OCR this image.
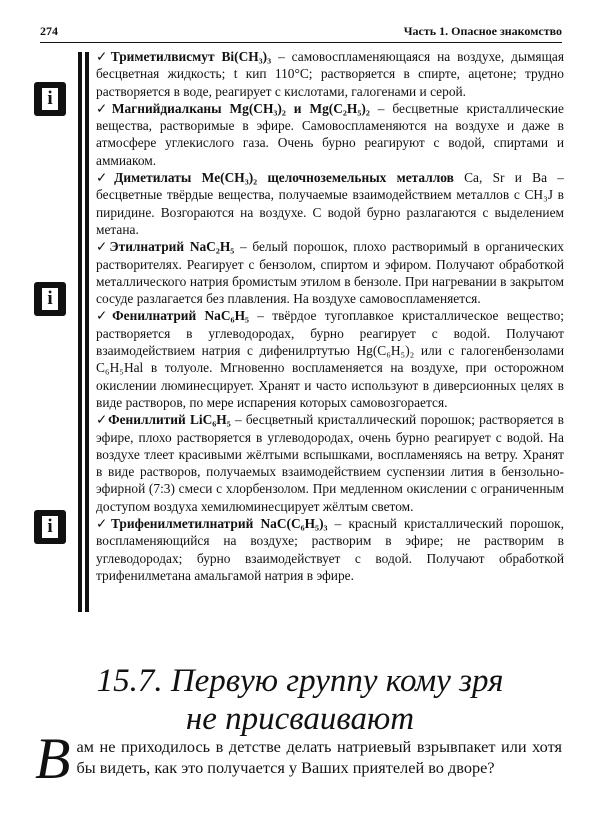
274	Часть 1. Опасное знакомство
i
i
i

✓Триметилвисмут Bi(CH₃)₃ – самовоспламеняющаяся на воздухе, дымящая бесцветная жидкость; t кип 110°C; растворяется в спирте, ацетоне; трудно растворяется в воде, реагирует с кислотами, галогенами и серой.

✓Магнийдиалканы Mg(CH₃)₂ и Mg(C₂H₅)₂ – бесцветные кристаллические вещества, растворимые в эфире. Самовоспламеняются на воздухе и даже в атмосфере углекислого газа. Очень бурно реагируют с водой, спиртами и аммиаком.

✓Диметилаты Me(CH₃)₂ щелочноземельных металлов Ca, Sr и Ba – бесцветные твёрдые вещества, получаемые взаимодействием металлов с CH₃J в пиридине. Возгораются на воздухе. С водой бурно разлагаются с выделением метана.

✓Этилнатрий NaC₂H₅ – белый порошок, плохо растворимый в органических растворителях. Реагирует с бензолом, спиртом и эфиром. Получают обработкой металлического натрия бромистым этилом в бензоле. При нагревании в закрытом сосуде разлагается без плавления. На воздухе самовоспламеняется.

✓Фенилнатрий NaC₆H₅ – твёрдое тугоплавкое кристаллическое вещество; растворяется в углеводородах, бурно реагирует с водой. Получают взаимодействием натрия с дифенилртутью Hg(C₆H₅)₂ или с галогенбензолами C₆H₅Hal в толуоле. Мгновенно воспламеняется на воздухе, при осторожном окислении люминесцирует. Хранят и часто используют в диверсионных целях в виде растворов, по мере испарения которых самовозгорается.

✓Фениллитий LiC₆H₅ – бесцветный кристаллический порошок; растворяется в эфире, плохо растворяется в углеводородах, очень бурно реагирует с водой. На воздухе тлеет красивыми жёлтыми вспышками, воспламеняясь на ветру. Хранят в виде растворов, получаемых взаимодействием суспензии лития в бензольно-эфирной (7:3) смеси с хлорбензолом. При медленном окислении с ограниченным доступом воздуха хемилюминесцирует жёлтым светом.

✓Трифенилметилнатрий NaC(C₆H₅)₃ – красный кристаллический порошок, воспламеняющийся на воздухе; растворим в эфире; не растворим в углеводородах; бурно взаимодействует с водой. Получают обработкой трифенилметана амальгамой натрия в эфире.

15.7. Первую группу кому зря
не присваивают

Вам не приходилось в детстве делать натриевый взрывпакет или хотя бы видеть, как это получается у Ваших приятелей во дворе?
